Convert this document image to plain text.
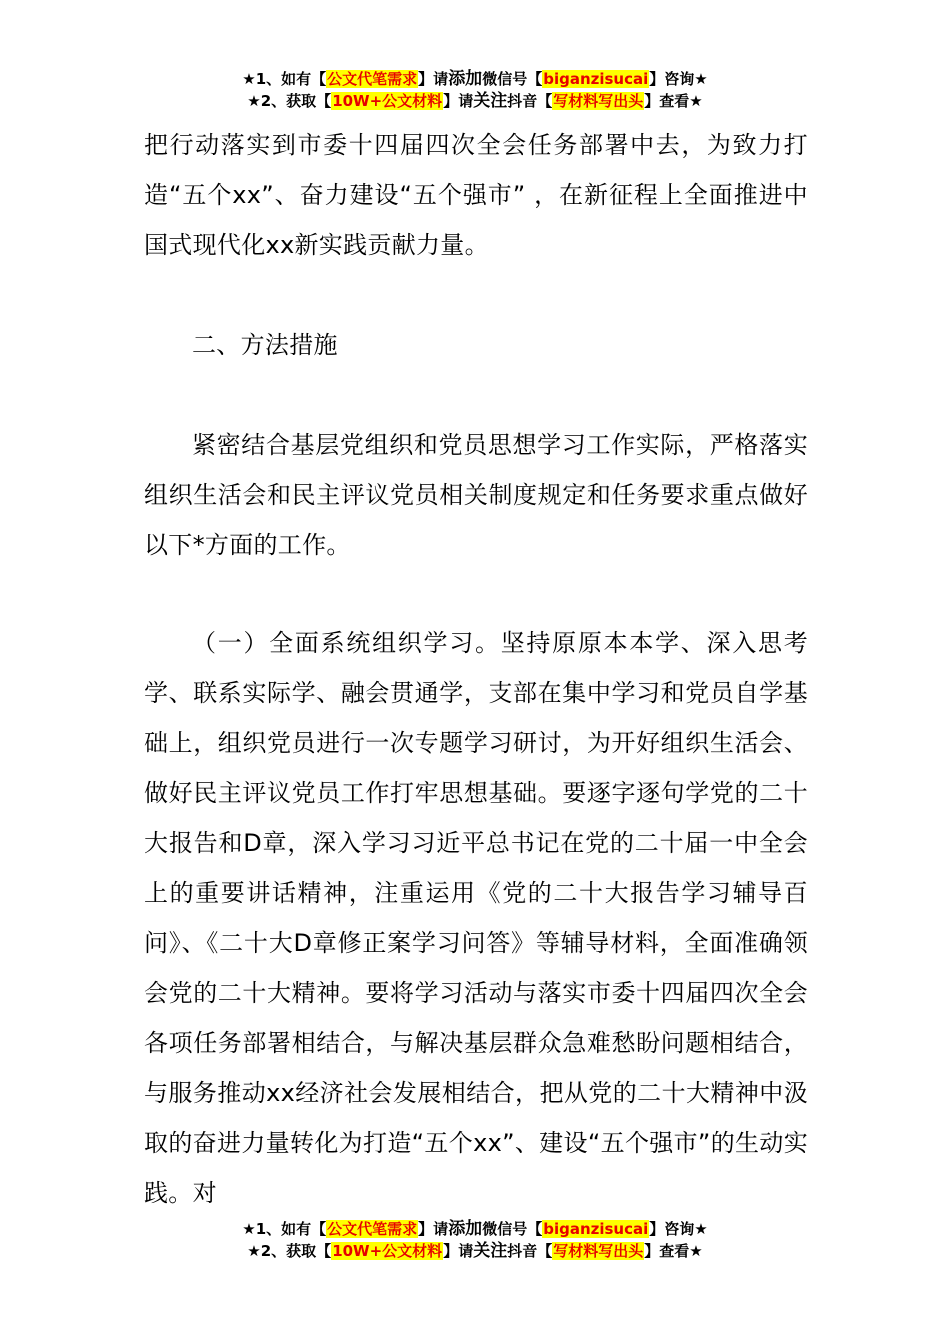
★1、如有【公文代笔需求】请添加微信号【biganzisucai】咨询★
★2、获取【10W+公文材料】请关注抖音【写材料写出头】查看★

把行动落实到市委十四届四次全会任务部署中去，为致力打造“五个xx”、奋力建设“五个强市” ，在新征程上全面推进中国式现代化xx新实践贡献力量。

二、方法措施

紧密结合基层党组织和党员思想学习工作实际，严格落实组织生活会和民主评议党员相关制度规定和任务要求重点做好以下*方面的工作。

（一）全面系统组织学习。坚持原原本本学、深入思考学、联系实际学、融会贯通学，支部在集中学习和党员自学基础上，组织党员进行一次专题学习研讨，为开好组织生活会、做好民主评议党员工作打牢思想基础。要逐字逐句学党的二十大报告和D章，深入学习习近平总书记在党的二十届一中全会上的重要讲话精神，注重运用《党的二十大报告学习辅导百问》、《二十大D章修正案学习问答》等辅导材料，全面准确领会党的二十大精神。要将学习活动与落实市委十四届四次全会各项任务部署相结合，与解决基层群众急难愁盼问题相结合，与服务推动xx经济社会发展相结合，把从党的二十大精神中汲取的奋进力量转化为打造“五个xx”、建设“五个强市”的生动实践。对

★1、如有【公文代笔需求】请添加微信号【biganzisucai】咨询★
★2、获取【10W+公文材料】请关注抖音【写材料写出头】查看★
